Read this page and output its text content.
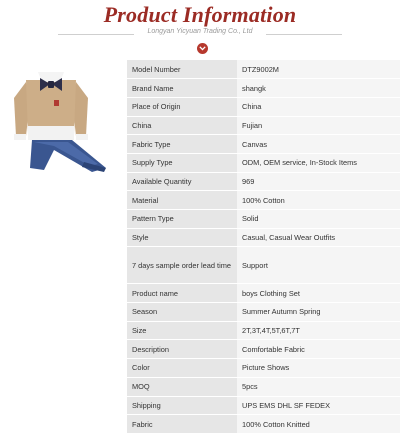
Product Information
Longyan Yicyuan Trading Co., Ltd
Model Number	DTZ9002M
Brand Name	shangk
Place of Origin	China
China	Fujian
Fabric Type	Canvas
Supply Type	ODM, OEM service, In-Stock Items
Available Quantity	969
Material	100% Cotton
Pattern Type	Solid
Style	Casual, Casual Wear Outfits
7 days sample order lead time	Support
Product name	boys Clothing Set
Season	Summer Autumn Spring
Size	2T,3T,4T,5T,6T,7T
Description	Comfortable Fabric
Color	Picture Shows
MOQ	5pcs
Shipping	UPS EMS DHL SF FEDEX
Fabric	100% Cotton Knitted
